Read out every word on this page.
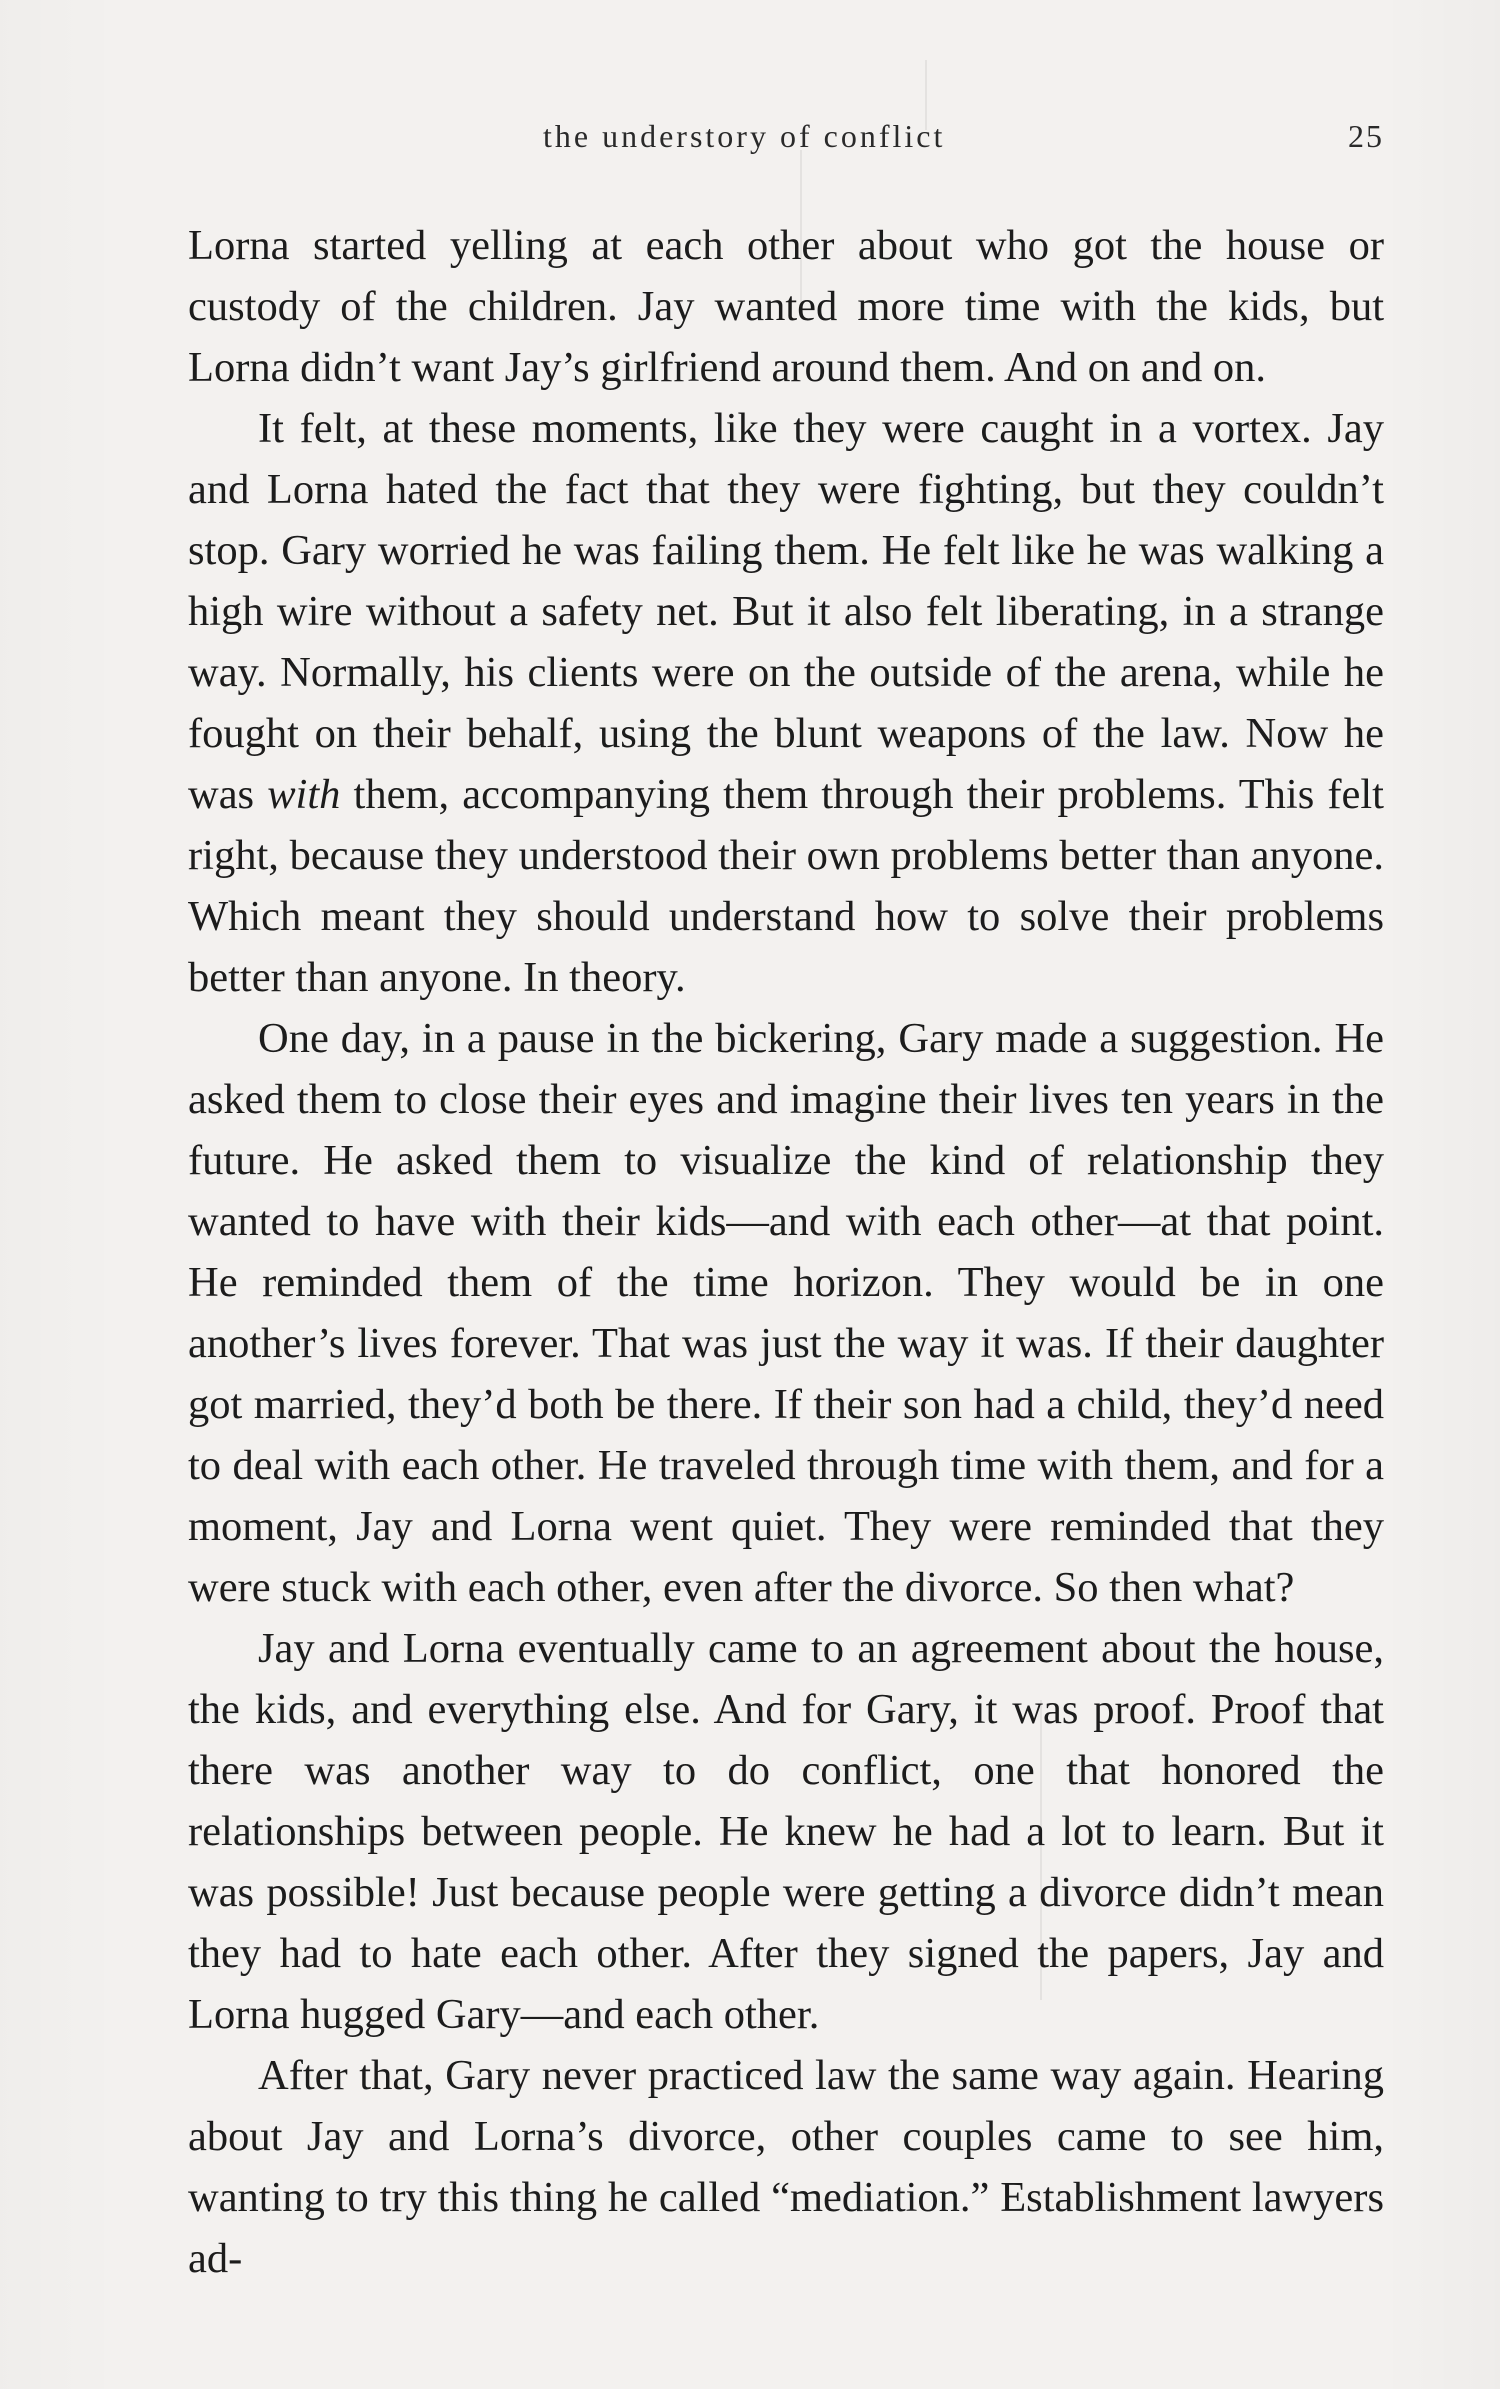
the understory of conflict	25

Lorna started yelling at each other about who got the house or custody of the children. Jay wanted more time with the kids, but Lorna didn’t want Jay’s girlfriend around them. And on and on.

It felt, at these moments, like they were caught in a vortex. Jay and Lorna hated the fact that they were fighting, but they couldn’t stop. Gary worried he was failing them. He felt like he was walking a high wire without a safety net. But it also felt liberating, in a strange way. Normally, his clients were on the outside of the arena, while he fought on their behalf, using the blunt weapons of the law. Now he was with them, accompanying them through their problems. This felt right, because they understood their own problems better than anyone. Which meant they should understand how to solve their problems better than anyone. In theory.

One day, in a pause in the bickering, Gary made a suggestion. He asked them to close their eyes and imagine their lives ten years in the future. He asked them to visualize the kind of relationship they wanted to have with their kids—and with each other—at that point. He reminded them of the time horizon. They would be in one another’s lives forever. That was just the way it was. If their daughter got married, they’d both be there. If their son had a child, they’d need to deal with each other. He traveled through time with them, and for a moment, Jay and Lorna went quiet. They were reminded that they were stuck with each other, even after the divorce. So then what?

Jay and Lorna eventually came to an agreement about the house, the kids, and everything else. And for Gary, it was proof. Proof that there was another way to do conflict, one that honored the relationships between people. He knew he had a lot to learn. But it was possible! Just because people were getting a divorce didn’t mean they had to hate each other. After they signed the papers, Jay and Lorna hugged Gary—and each other.

After that, Gary never practiced law the same way again. Hearing about Jay and Lorna’s divorce, other couples came to see him, wanting to try this thing he called “mediation.” Establishment lawyers ad-
